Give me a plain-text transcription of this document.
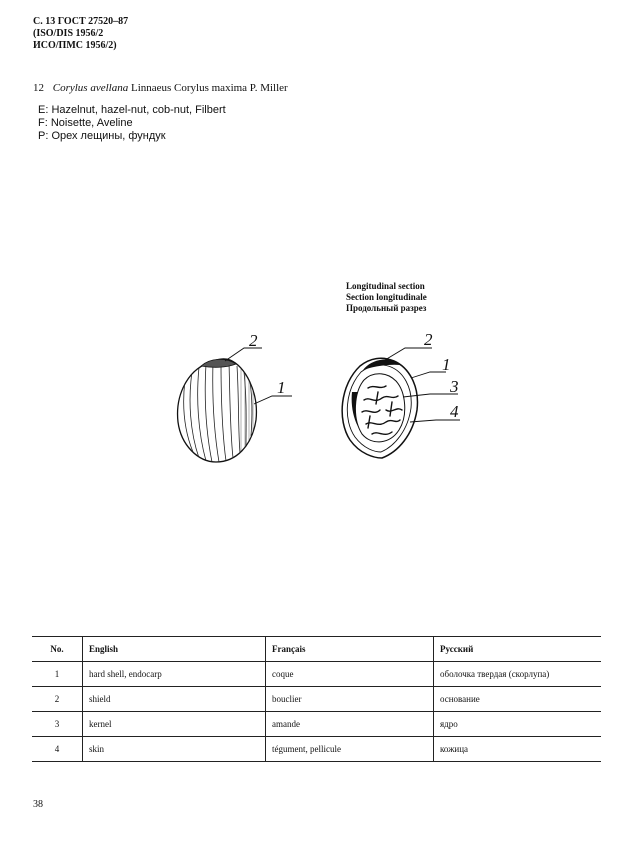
С. 13 ГОСТ 27520–87
(ISO/DIS 1956/2
ИСО/ПМС 1956/2)
12 Corylus avellana Linnaeus Corylus maxima P. Miller
E: Hazelnut, hazel-nut, cob-nut, Filbert
F: Noisette, Aveline
P: Орех лещины, фундук
Longitudinal section
Section longitudinale
Продольный разрез
2
1
2
1
3
4
No.	English	Français	Русский
1	hard shell, endocarp	coque	оболочка твердая (скорлупа)
2	shield	bouclier	основание
3	kernel	amande	ядро
4	skin	tégument, pellicule	кожица
38
